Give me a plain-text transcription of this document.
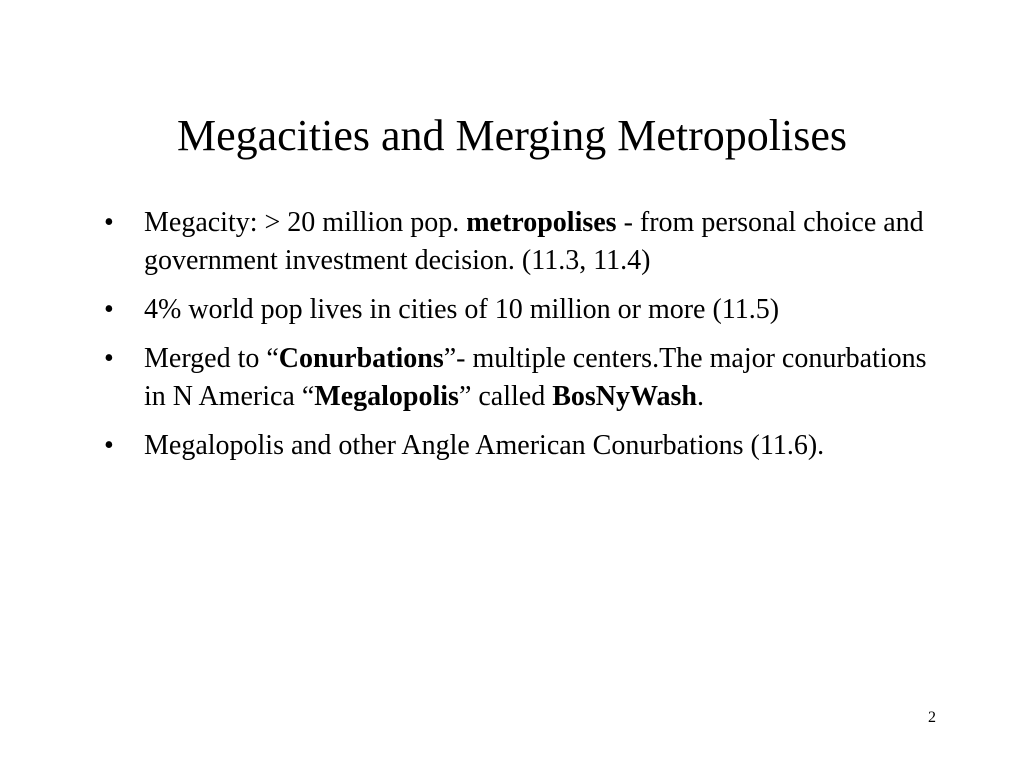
Megacities and Merging Metropolises
• Megacity: > 20 million pop. metropolises - from personal choice and government investment decision. (11.3, 11.4)
• 4% world pop lives in cities of 10 million or more (11.5)
• Merged to “Conurbations”- multiple centers.The major conurbations in N America “Megalopolis” called BosNyWash.
• Megalopolis and other Angle American Conurbations (11.6).
2
